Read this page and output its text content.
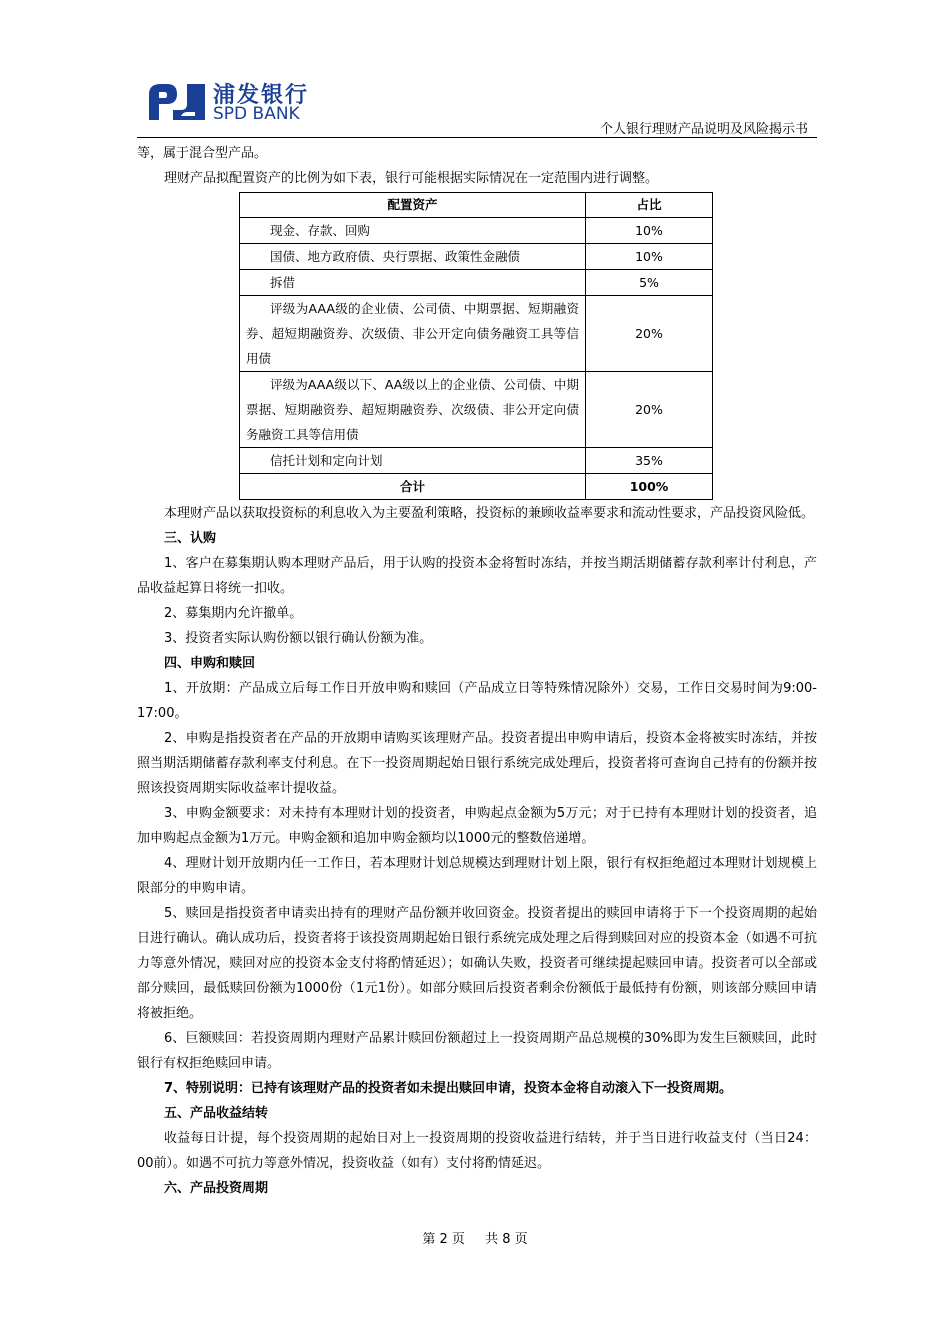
浦发银行
SPD BANK
个人银行理财产品说明及风险揭示书

等，属于混合型产品。

理财产品拟配置资产的比例为如下表，银行可能根据实际情况在一定范围内进行调整。

配置资产	占比
现金、存款、回购	10%
国债、地方政府债、央行票据、政策性金融债	10%
拆借	5%
评级为AAA级的企业债、公司债、中期票据、短期融资券、超短期融资券、次级债、非公开定向债务融资工具等信用债	20%
评级为AAA级以下、AA级以上的企业债、公司债、中期票据、短期融资券、超短期融资券、次级债、非公开定向债务融资工具等信用债	20%
信托计划和定向计划	35%
合计	100%

本理财产品以获取投资标的利息收入为主要盈利策略，投资标的兼顾收益率要求和流动性要求，产品投资风险低。

三、认购

1、客户在募集期认购本理财产品后，用于认购的投资本金将暂时冻结，并按当期活期储蓄存款利率计付利息，产品收益起算日将统一扣收。

2、募集期内允许撤单。

3、投资者实际认购份额以银行确认份额为准。

四、申购和赎回

1、开放期：产品成立后每工作日开放申购和赎回（产品成立日等特殊情况除外）交易，工作日交易时间为9:00-17:00。

2、申购是指投资者在产品的开放期申请购买该理财产品。投资者提出申购申请后，投资本金将被实时冻结，并按照当期活期储蓄存款利率支付利息。在下一投资周期起始日银行系统完成处理后，投资者将可查询自己持有的份额并按照该投资周期实际收益率计提收益。

3、申购金额要求：对未持有本理财计划的投资者，申购起点金额为5万元；对于已持有本理财计划的投资者，追加申购起点金额为1万元。申购金额和追加申购金额均以1000元的整数倍递增。

4、理财计划开放期内任一工作日，若本理财计划总规模达到理财计划上限，银行有权拒绝超过本理财计划规模上限部分的申购申请。

5、赎回是指投资者申请卖出持有的理财产品份额并收回资金。投资者提出的赎回申请将于下一个投资周期的起始日进行确认。确认成功后，投资者将于该投资周期起始日银行系统完成处理之后得到赎回对应的投资本金（如遇不可抗力等意外情况，赎回对应的投资本金支付将酌情延迟）；如确认失败，投资者可继续提起赎回申请。投资者可以全部或部分赎回，最低赎回份额为1000份（1元1份）。如部分赎回后投资者剩余份额低于最低持有份额，则该部分赎回申请将被拒绝。

6、巨额赎回：若投资周期内理财产品累计赎回份额超过上一投资周期产品总规模的30%即为发生巨额赎回，此时银行有权拒绝赎回申请。

7、特别说明：已持有该理财产品的投资者如未提出赎回申请，投资本金将自动滚入下一投资周期。

五、产品收益结转

收益每日计提，每个投资周期的起始日对上一投资周期的投资收益进行结转，并于当日进行收益支付（当日24：00前）。如遇不可抗力等意外情况，投资收益（如有）支付将酌情延迟。

六、产品投资周期

第 2 页 共 8 页
